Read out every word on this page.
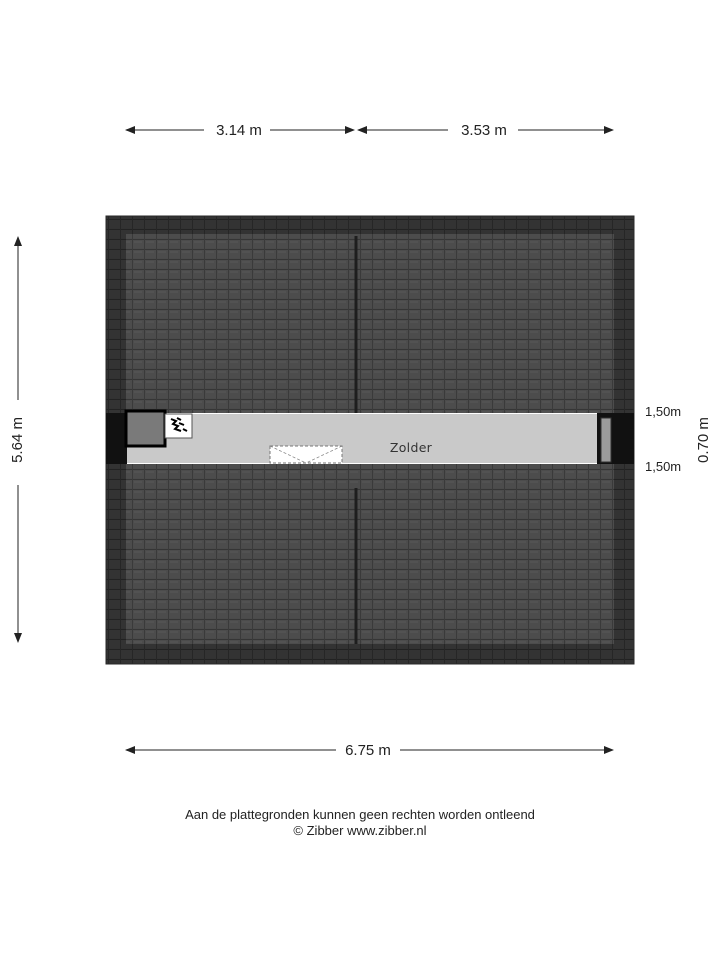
3.14 m	3.53 m
5.64 m	Zolder
1,50m
1,50m
0.70 m
6.75 m
Aan de plattegronden kunnen geen rechten worden ontleend
© Zibber www.zibber.nl
